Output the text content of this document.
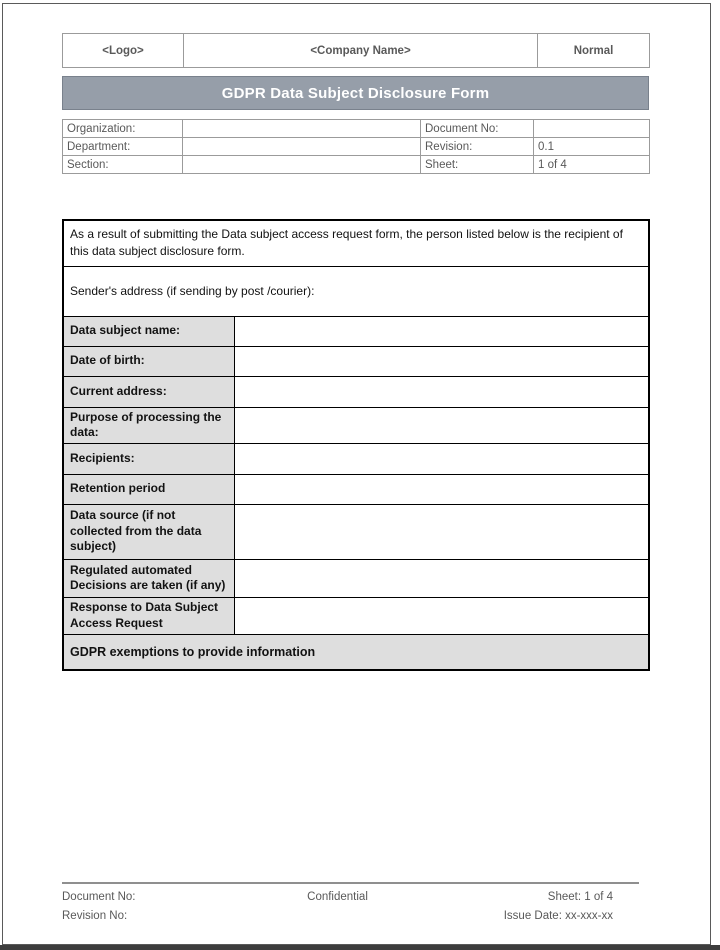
<Logo>	<Company Name>	Normal
GDPR Data Subject Disclosure Form
Organization:		Document No:	
Department:		Revision:	0.1
Section:		Sheet:	1 of 4
As a result of submitting the Data subject access request form, the person listed below is the recipient of this data subject disclosure form.	
Sender's address (if sending by post /courier):	
Data subject name:	
Date of birth:	
Current address:	
Purpose of processing the data:	
Recipients:	
Retention period	
Data source (if not collected from the data subject)	
Regulated automated Decisions are taken (if any)	
Response to Data Subject Access Request	
GDPR exemptions to provide information	
Document No:
Revision No:
Confidential	Sheet: 1 of 4
Issue Date: xx-xxx-xx
